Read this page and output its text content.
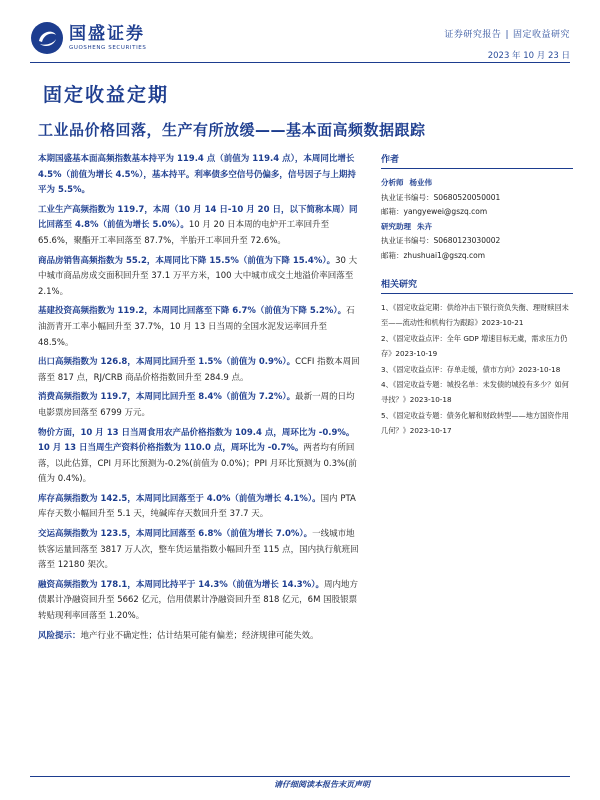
国盛证券
GUOSHENG SECURITIES
证券研究报告 | 固定收益研究
2023 年 10 月 23 日
固定收益定期
工业品价格回落，生产有所放缓——基本面高频数据跟踪
本期国盛基本面高频指数基本持平为 119.4 点（前值为 119.4 点），本周同比增长 4.5%（前值为增长 4.5%），基本持平。利率债多空信号仍偏多，信号因子与上期持平为 5.5%。
工业生产高频指数为 119.7，本周（10 月 14 日-10 月 20 日，以下简称本周）同比回落至 4.8%（前值为增长 5.0%）。10 月 20 日本周的电炉开工率回升至 65.6%，聚酯开工率回落至 87.7%，半胎开工率回升至 72.6%。
商品房销售高频指数为 55.2，本周同比下降 15.5%（前值为下降 15.4%）。30 大中城市商品房成交面积回升至 37.1 万平方米，100 大中城市成交土地溢价率回落至 2.1%。
基建投资高频指数为 119.2，本周同比回落至下降 6.7%（前值为下降 5.2%）。石油沥青开工率小幅回升至 37.7%，10 月 13 日当周的全国水泥发运率回升至 48.5%。
出口高频指数为 126.8，本周同比回升至 1.5%（前值为 0.9%）。CCFI 指数本周回落至 817 点，RJ/CRB 商品价格指数回升至 284.9 点。
消费高频指数为 119.7，本周同比回升至 8.4%（前值为 7.2%）。最新一周的日均电影票房回落至 6799 万元。
物价方面，10 月 13 日当周食用农产品价格指数为 109.4 点，周环比为 -0.9%。10 月 13 日当周生产资料价格指数为 110.0 点，周环比为 -0.7%。两者均有所回落，以此估算，CPI 月环比预测为-0.2%(前值为 0.0%)；PPI 月环比预测为 0.3%(前值为 0.4%)。
库存高频指数为 142.5，本周同比回落至于 4.0%（前值为增长 4.1%）。国内 PTA 库存天数小幅回升至 5.1 天，纯碱库存天数回升至 37.7 天。
交运高频指数为 123.5，本周同比回落至 6.8%（前值为增长 7.0%）。一线城市地铁客运量回落至 3817 万人次，整车货运量指数小幅回升至 115 点，国内执行航班回落至 12180 架次。
融资高频指数为 178.1，本周同比持平于 14.3%（前值为增长 14.3%）。周内地方债累计净融资回升至 5662 亿元，信用债累计净融资回升至 818 亿元，6M 国股银票转贴现利率回落至 1.20%。
风险提示：地产行业不确定性；估计结果可能有偏差；经济规律可能失效。
作者
分析师 杨业伟
执业证书编号：S0680520050001
邮箱：yangyewei@gszq.com
研究助理 朱卉
执业证书编号：S0680123030002
邮箱：zhushuai1@gszq.com
相关研究
1、《固定收益定期：供给冲击下银行资负失衡、理财赎回未至——流动性和机构行为跟踪》2023-10-21
2、《固定收益点评：全年 GDP 增速目标无虞，需求压力仍存》2023-10-19
3、《固定收益点评：存单走缓，债市方向》2023-10-18
4、《固定收益专题：城投名单：未发债的城投有多少？如何寻找？》2023-10-18
5、《固定收益专题：债务化解和财政转型——地方国资作用几何？》2023-10-17
请仔细阅读本报告末页声明
